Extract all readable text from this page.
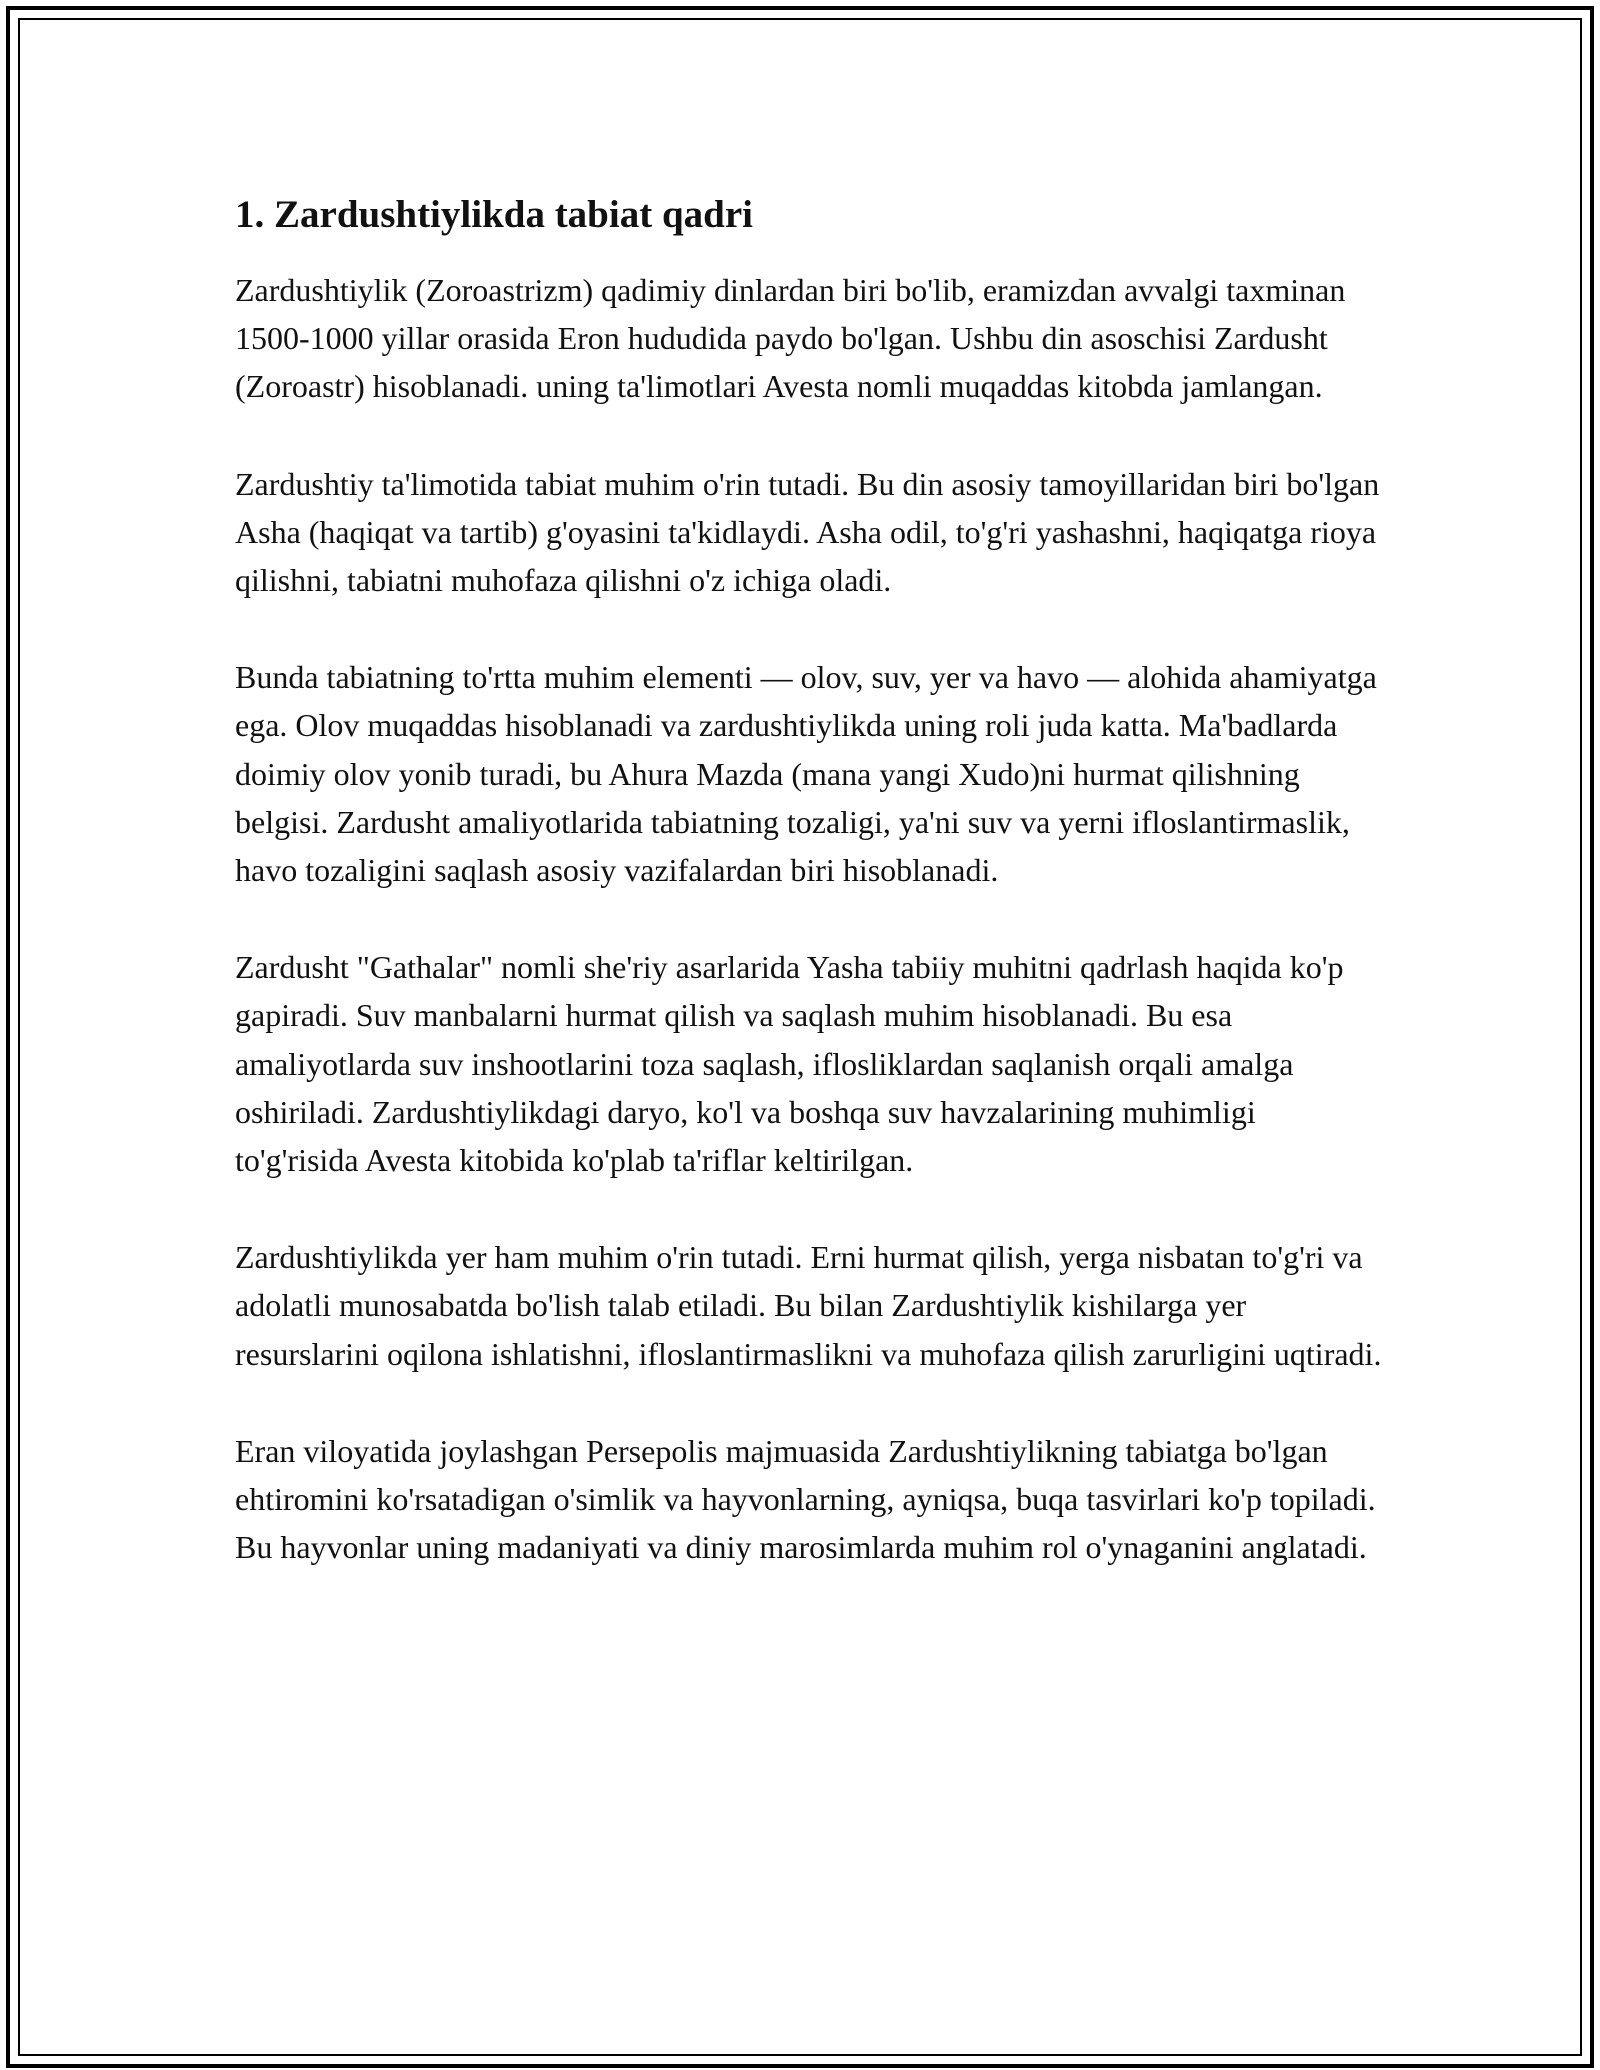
1. Zardushtiylikda tabiat qadri

Zardushtiylik (Zoroastrizm) qadimiy dinlardan biri bo'lib, eramizdan avvalgi taxminan 1500-1000 yillar orasida Eron hududida paydo bo'lgan. Ushbu din asoschisi Zardusht (Zoroastr) hisoblanadi. uning ta'limotlari Avesta nomli muqaddas kitobda jamlangan.

Zardushtiy ta'limotida tabiat muhim o'rin tutadi. Bu din asosiy tamoyillaridan biri bo'lgan Asha (haqiqat va tartib) g'oyasini ta'kidlaydi. Asha odil, to'g'ri yashashni, haqiqatga rioya qilishni, tabiatni muhofaza qilishni o'z ichiga oladi.

Bunda tabiatning to'rtta muhim elementi — olov, suv, yer va havo — alohida ahamiyatga ega. Olov muqaddas hisoblanadi va zardushtiylikda uning roli juda katta. Ma'badlarda doimiy olov yonib turadi, bu Ahura Mazda (mana yangi Xudo)ni hurmat qilishning belgisi. Zardusht amaliyotlarida tabiatning tozaligi, ya'ni suv va yerni ifloslantirmaslik, havo tozaligini saqlash asosiy vazifalardan biri hisoblanadi.

Zardusht "Gathalar" nomli she'riy asarlarida Yasha tabiiy muhitni qadrlash haqida ko'p gapiradi. Suv manbalarni hurmat qilish va saqlash muhim hisoblanadi. Bu esa amaliyotlarda suv inshootlarini toza saqlash, iflosliklardan saqlanish orqali amalga oshiriladi. Zardushtiylikdagi daryo, ko'l va boshqa suv havzalarining muhimligi to'g'risida Avesta kitobida ko'plab ta'riflar keltirilgan.

Zardushtiylikda yer ham muhim o'rin tutadi. Erni hurmat qilish, yerga nisbatan to'g'ri va adolatli munosabatda bo'lish talab etiladi. Bu bilan Zardushtiylik kishilarga yer resurslarini oqilona ishlatishni, ifloslantirmaslikni va muhofaza qilish zarurligini uqtiradi.

Eran viloyatida joylashgan Persepolis majmuasida Zardushtiylikning tabiatga bo'lgan ehtiromini ko'rsatadigan o'simlik va hayvonlarning, ayniqsa, buqa tasvirlari ko'p topiladi. Bu hayvonlar uning madaniyati va diniy marosimlarda muhim rol o'ynaganini anglatadi.
